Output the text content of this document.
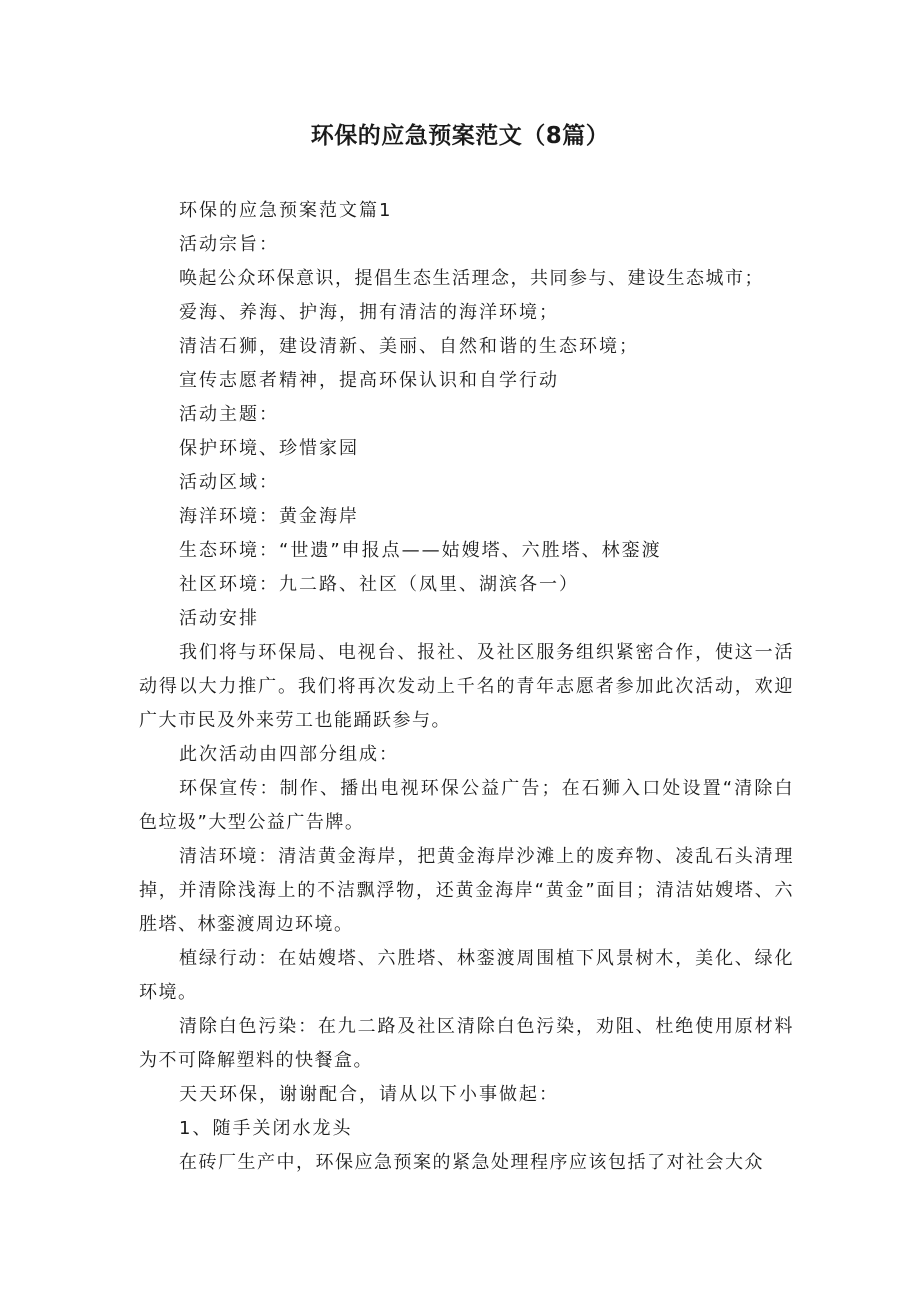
环保的应急预案范文（8篇）

环保的应急预案范文篇1

活动宗旨：

唤起公众环保意识，提倡生态生活理念，共同参与、建设生态城市；

爱海、养海、护海，拥有清洁的海洋环境；

清洁石狮，建设清新、美丽、自然和谐的生态环境；

宣传志愿者精神，提高环保认识和自学行动

活动主题：

保护环境、珍惜家园

活动区域：

海洋环境：黄金海岸

生态环境：“世遗”申报点——姑嫂塔、六胜塔、林銮渡

社区环境：九二路、社区（凤里、湖滨各一）

活动安排

我们将与环保局、电视台、报社、及社区服务组织紧密合作，使这一活动得以大力推广。我们将再次发动上千名的青年志愿者参加此次活动，欢迎广大市民及外来劳工也能踊跃参与。

此次活动由四部分组成：

环保宣传：制作、播出电视环保公益广告；在石狮入口处设置“清除白色垃圾”大型公益广告牌。

清洁环境：清洁黄金海岸，把黄金海岸沙滩上的废弃物、凌乱石头清理掉，并清除浅海上的不洁飘浮物，还黄金海岸“黄金”面目；清洁姑嫂塔、六胜塔、林銮渡周边环境。

植绿行动：在姑嫂塔、六胜塔、林銮渡周围植下风景树木，美化、绿化环境。

清除白色污染：在九二路及社区清除白色污染，劝阻、杜绝使用原材料为不可降解塑料的快餐盒。

天天环保，谢谢配合，请从以下小事做起：

1、随手关闭水龙头

在砖厂生产中，环保应急预案的紧急处理程序应该包括了对社会大众
